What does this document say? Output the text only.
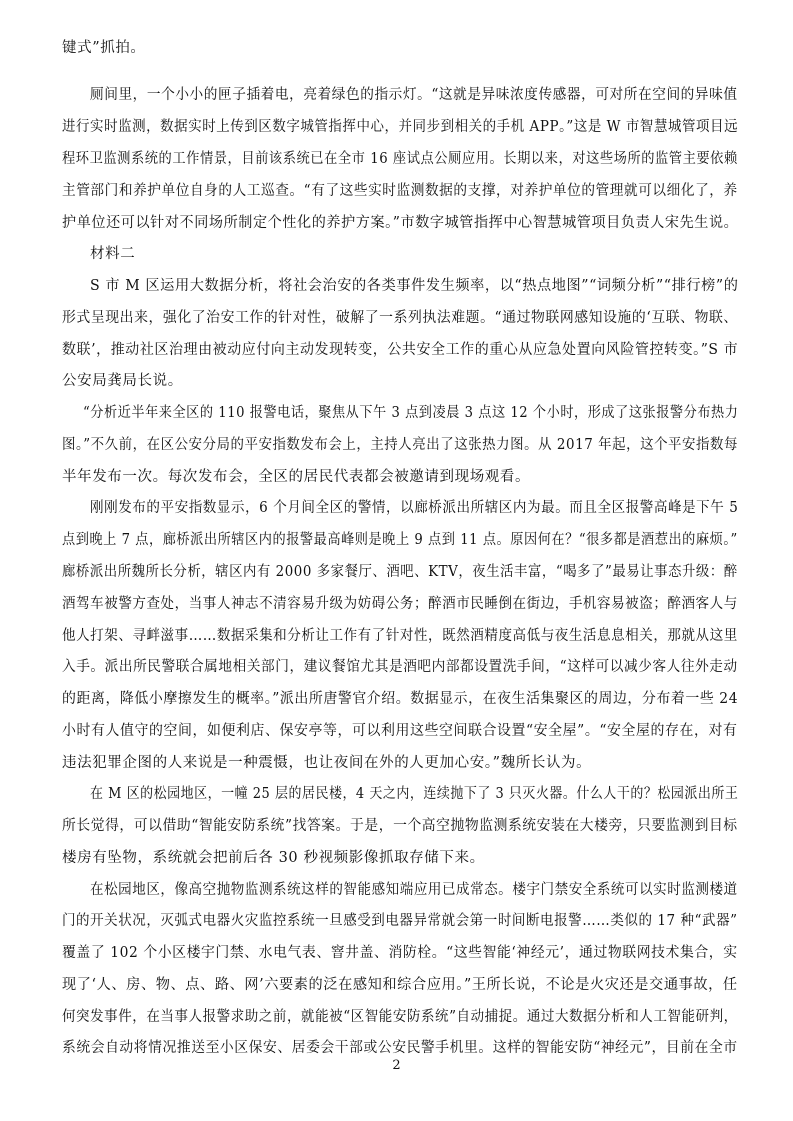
键式”抓拍。
厕间里，一个小小的匣子插着电，亮着绿色的指示灯。“这就是异味浓度传感器，可对所在空间的异味值
进行实时监测，数据实时上传到区数字城管指挥中心，并同步到相关的手机 APP。”这是 W 市智慧城管项目远
程环卫监测系统的工作情景，目前该系统已在全市 16 座试点公厕应用。长期以来，对这些场所的监管主要依赖
主管部门和养护单位自身的人工巡查。“有了这些实时监测数据的支撑，对养护单位的管理就可以细化了，养
护单位还可以针对不同场所制定个性化的养护方案。”市数字城管指挥中心智慧城管项目负责人宋先生说。
材料二
S 市 M 区运用大数据分析，将社会治安的各类事件发生频率，以“热点地图”“词频分析”“排行榜”的
形式呈现出来，强化了治安工作的针对性，破解了一系列执法难题。“通过物联网感知设施的‘互联、物联、
数联’，推动社区治理由被动应付向主动发现转变，公共安全工作的重心从应急处置向风险管控转变。”S 市
公安局龚局长说。
“分析近半年来全区的 110 报警电话，聚焦从下午 3 点到凌晨 3 点这 12 个小时，形成了这张报警分布热力
图。”不久前，在区公安分局的平安指数发布会上，主持人亮出了这张热力图。从 2017 年起，这个平安指数每
半年发布一次。每次发布会，全区的居民代表都会被邀请到现场观看。
刚刚发布的平安指数显示，6 个月间全区的警情，以廊桥派出所辖区内为最。而且全区报警高峰是下午 5
点到晚上 7 点，廊桥派出所辖区内的报警最高峰则是晚上 9 点到 11 点。原因何在？“很多都是酒惹出的麻烦。”
廊桥派出所魏所长分析，辖区内有 2000 多家餐厅、酒吧、KTV，夜生活丰富，“喝多了”最易让事态升级：醉
酒驾车被警方查处，当事人神志不清容易升级为妨碍公务；醉酒市民睡倒在街边，手机容易被盗；醉酒客人与
他人打架、寻衅滋事……数据采集和分析让工作有了针对性，既然酒精度高低与夜生活息息相关，那就从这里
入手。派出所民警联合属地相关部门，建议餐馆尤其是酒吧内部都设置洗手间，“这样可以减少客人往外走动
的距离，降低小摩擦发生的概率。”派出所唐警官介绍。数据显示，在夜生活集聚区的周边，分布着一些 24
小时有人值守的空间，如便利店、保安亭等，可以利用这些空间联合设置“安全屋”。“安全屋的存在，对有
违法犯罪企图的人来说是一种震慑，也让夜间在外的人更加心安。”魏所长认为。
在 M 区的松园地区，一幢 25 层的居民楼，4 天之内，连续抛下了 3 只灭火器。什么人干的？松园派出所王
所长觉得，可以借助“智能安防系统”找答案。于是，一个高空抛物监测系统安装在大楼旁，只要监测到目标
楼房有坠物，系统就会把前后各 30 秒视频影像抓取存储下来。
在松园地区，像高空抛物监测系统这样的智能感知端应用已成常态。楼宇门禁安全系统可以实时监测楼道
门的开关状况，灭弧式电器火灾监控系统一旦感受到电器异常就会第一时间断电报警……类似的 17 种“武器”
覆盖了 102 个小区楼宇门禁、水电气表、窨井盖、消防栓。“这些智能‘神经元’，通过物联网技术集合，实
现了‘人、房、物、点、路、网’六要素的泛在感知和综合应用。”王所长说，不论是火灾还是交通事故，任
何突发事件，在当事人报警求助之前，就能被“区智能安防系统”自动捕捉。通过大数据分析和人工智能研判，
系统会自动将情况推送至小区保安、居委会干部或公安民警手机里。这样的智能安防“神经元”，目前在全市
2
